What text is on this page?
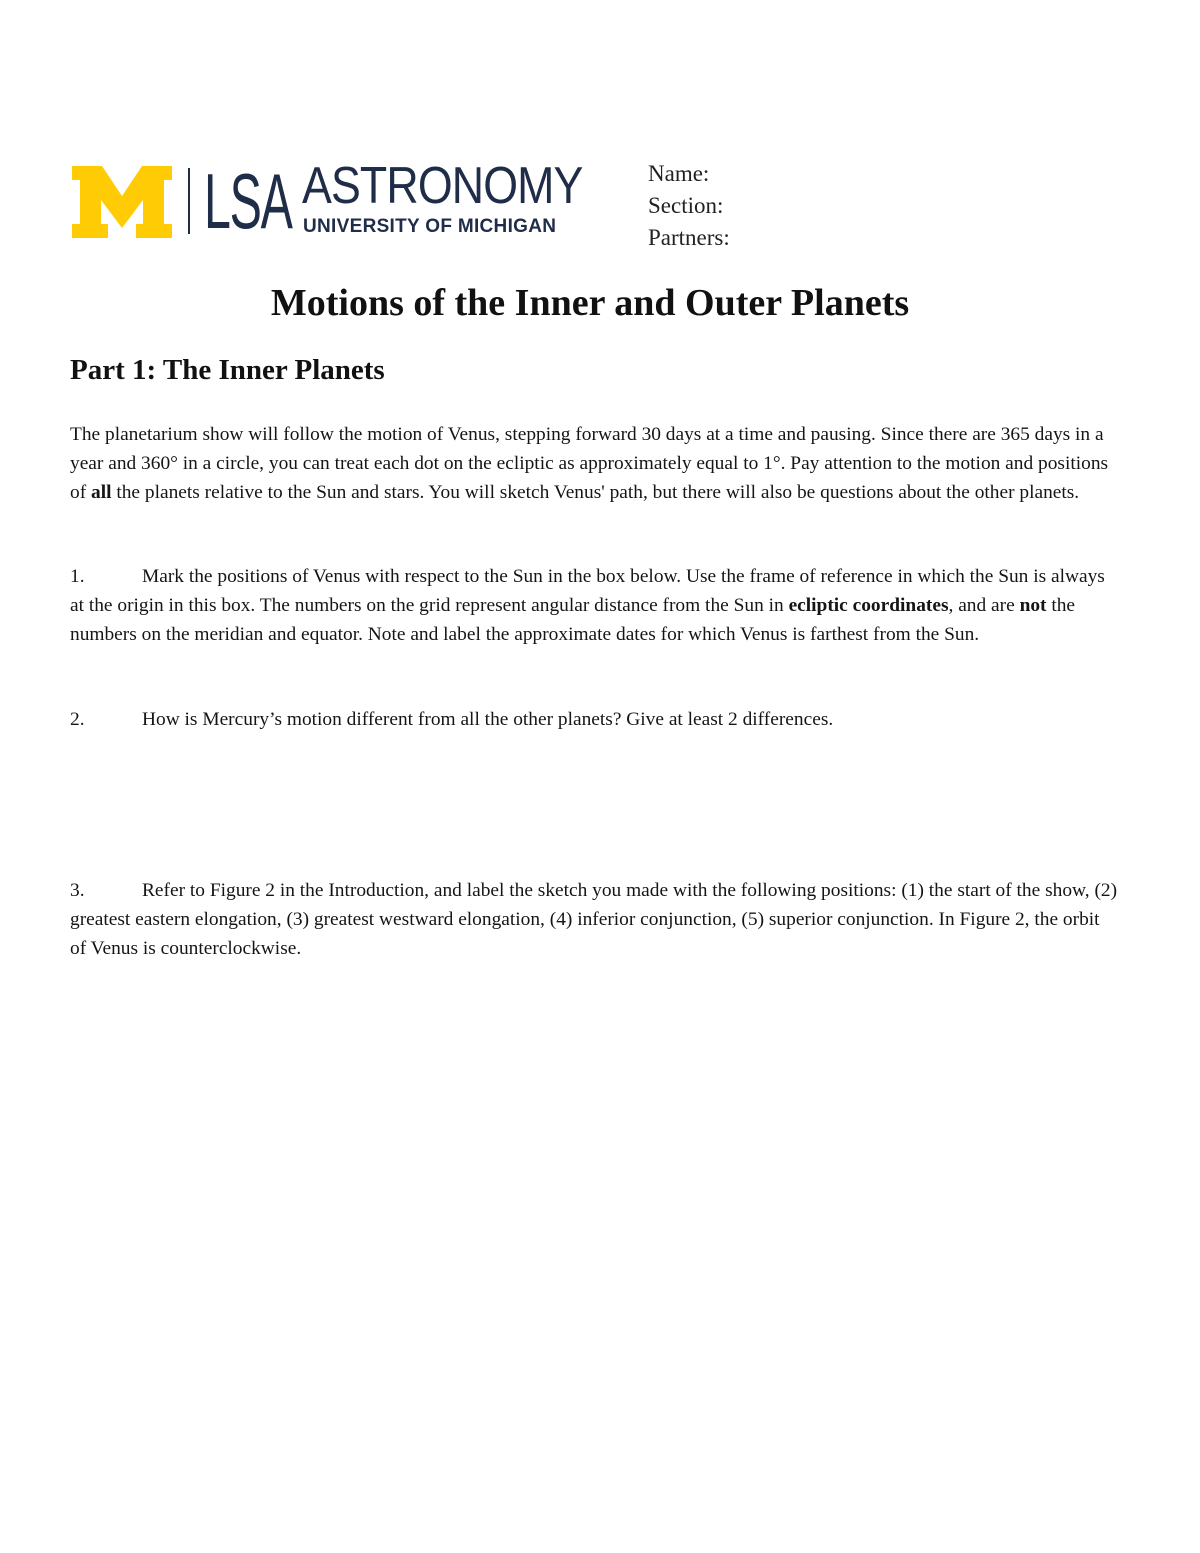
LSA ASTRONOMY
UNIVERSITY OF MICHIGAN
Name:
Section:
Partners:
Motions of the Inner and Outer Planets
Part 1: The Inner Planets

The planetarium show will follow the motion of Venus, stepping forward 30 days at a time and pausing. Since there are 365 days in a year and 360° in a circle, you can treat each dot on the ecliptic as approximately equal to 1°. Pay attention to the motion and positions of all the planets relative to the Sun and stars. You will sketch Venus' path, but there will also be questions about the other planets.

1.	Mark the positions of Venus with respect to the Sun in the box below. Use the frame of reference in which the Sun is always at the origin in this box. The numbers on the grid represent angular distance from the Sun in ecliptic coordinates, and are not the numbers on the meridian and equator. Note and label the approximate dates for which Venus is farthest from the Sun.

2.	How is Mercury’s motion different from all the other planets? Give at least 2 differences.

3.	Refer to Figure 2 in the Introduction, and label the sketch you made with the following positions: (1) the start of the show, (2) greatest eastern elongation, (3) greatest westward elongation, (4) inferior conjunction, (5) superior conjunction. In Figure 2, the orbit of Venus is counterclockwise.
